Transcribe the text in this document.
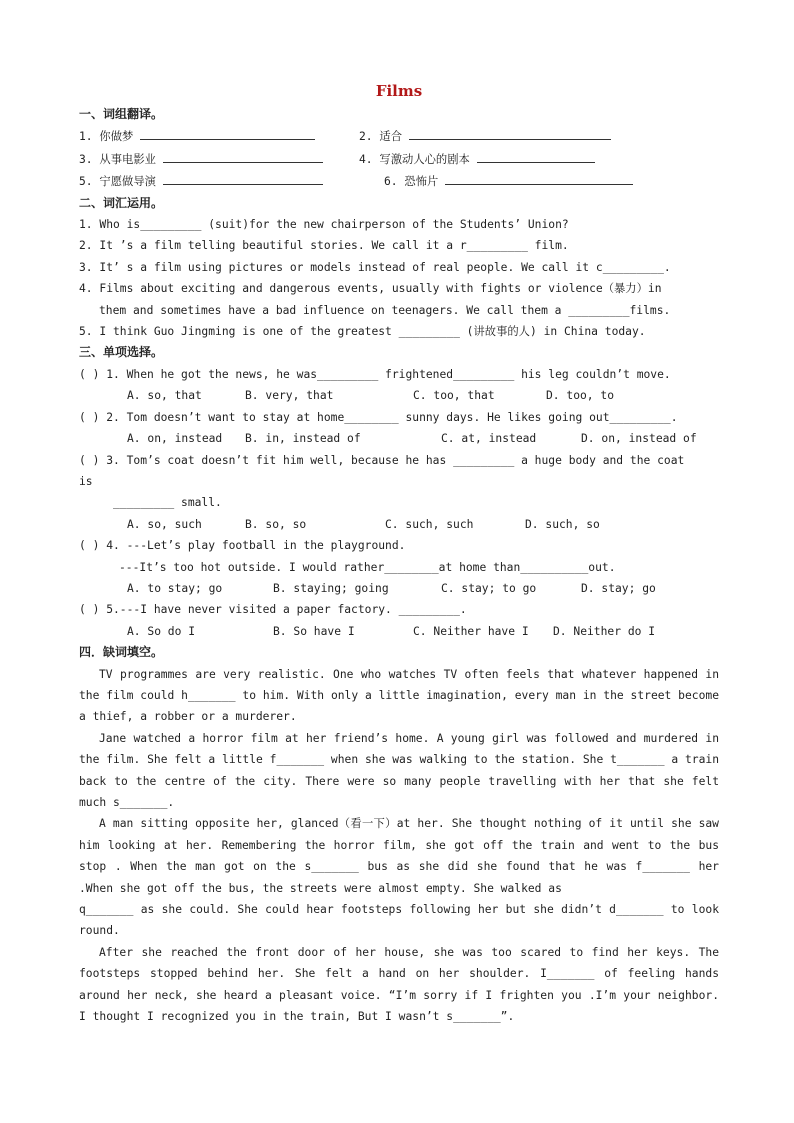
Films
一、词组翻译。
1. 你做梦	2. 适合
3. 从事电影业	4. 写激动人心的剧本
5. 宁愿做导演	6. 恐怖片
二、词汇运用。
1. Who is_________ (suit)for the new chairperson of the Students’ Union?
2. It ’s a film telling beautiful stories. We call it a r_________ film.
3. It’ s a film using pictures or models instead of real people. We call it c_________.
4. Films about exciting and dangerous events, usually with fights or violence（暴力）in
them and sometimes have a bad influence on teenagers. We call them a _________films.
5. I think Guo Jingming is one of the greatest _________ (讲故事的人) in China today.
三、单项选择。
( ) 1. When he got the news, he was_________ frightened_________ his leg couldn’t move.
A. so, that	B. very, that	C. too, that	D. too, to
( ) 2. Tom doesn’t want to stay at home________ sunny days. He likes going out_________.
A. on, instead	B. in, instead of	C. at, instead	D. on, instead of
( ) 3. Tom’s coat doesn’t fit him well, because he has _________ a huge body and the coat
is
_________ small.
A. so, such	B. so, so	C. such, such	D. such, so
( ) 4. ---Let’s play football in the playground.
---It’s too hot outside. I would rather________at home than__________out.
A. to stay; go	B. staying; going	C. stay; to go	D. stay; go
( ) 5.---I have never visited a paper factory. _________.
A. So do I	B. So have I	C. Neither have I	D. Neither do I
四．缺词填空。
TV programmes are very realistic. One who watches TV often feels that whatever happened in the film could h_______ to him. With only a little imagination, every man in the street become a thief, a robber or a murderer.
Jane watched a horror film at her friend’s home. A young girl was followed and murdered in the film. She felt a little f_______ when she was walking to the station. She t_______ a train back to the centre of the city. There were so many people travelling with her that she felt much s_______.
A man sitting opposite her, glanced（看一下）at her. She thought nothing of it until she saw him looking at her. Remembering the horror film, she got off the train and went to the bus stop . When the man got on the s_______ bus as she did she found that he was f_______ her .When she got off the bus, the streets were almost empty. She walked as
q_______ as she could. She could hear footsteps following her but she didn’t d_______ to look round.
After she reached the front door of her house, she was too scared to find her keys. The footsteps stopped behind her. She felt a hand on her shoulder. I_______ of feeling hands around her neck, she heard a pleasant voice. “I’m sorry if I frighten you .I’m your neighbor. I thought I recognized you in the train, But I wasn’t s_______”.
